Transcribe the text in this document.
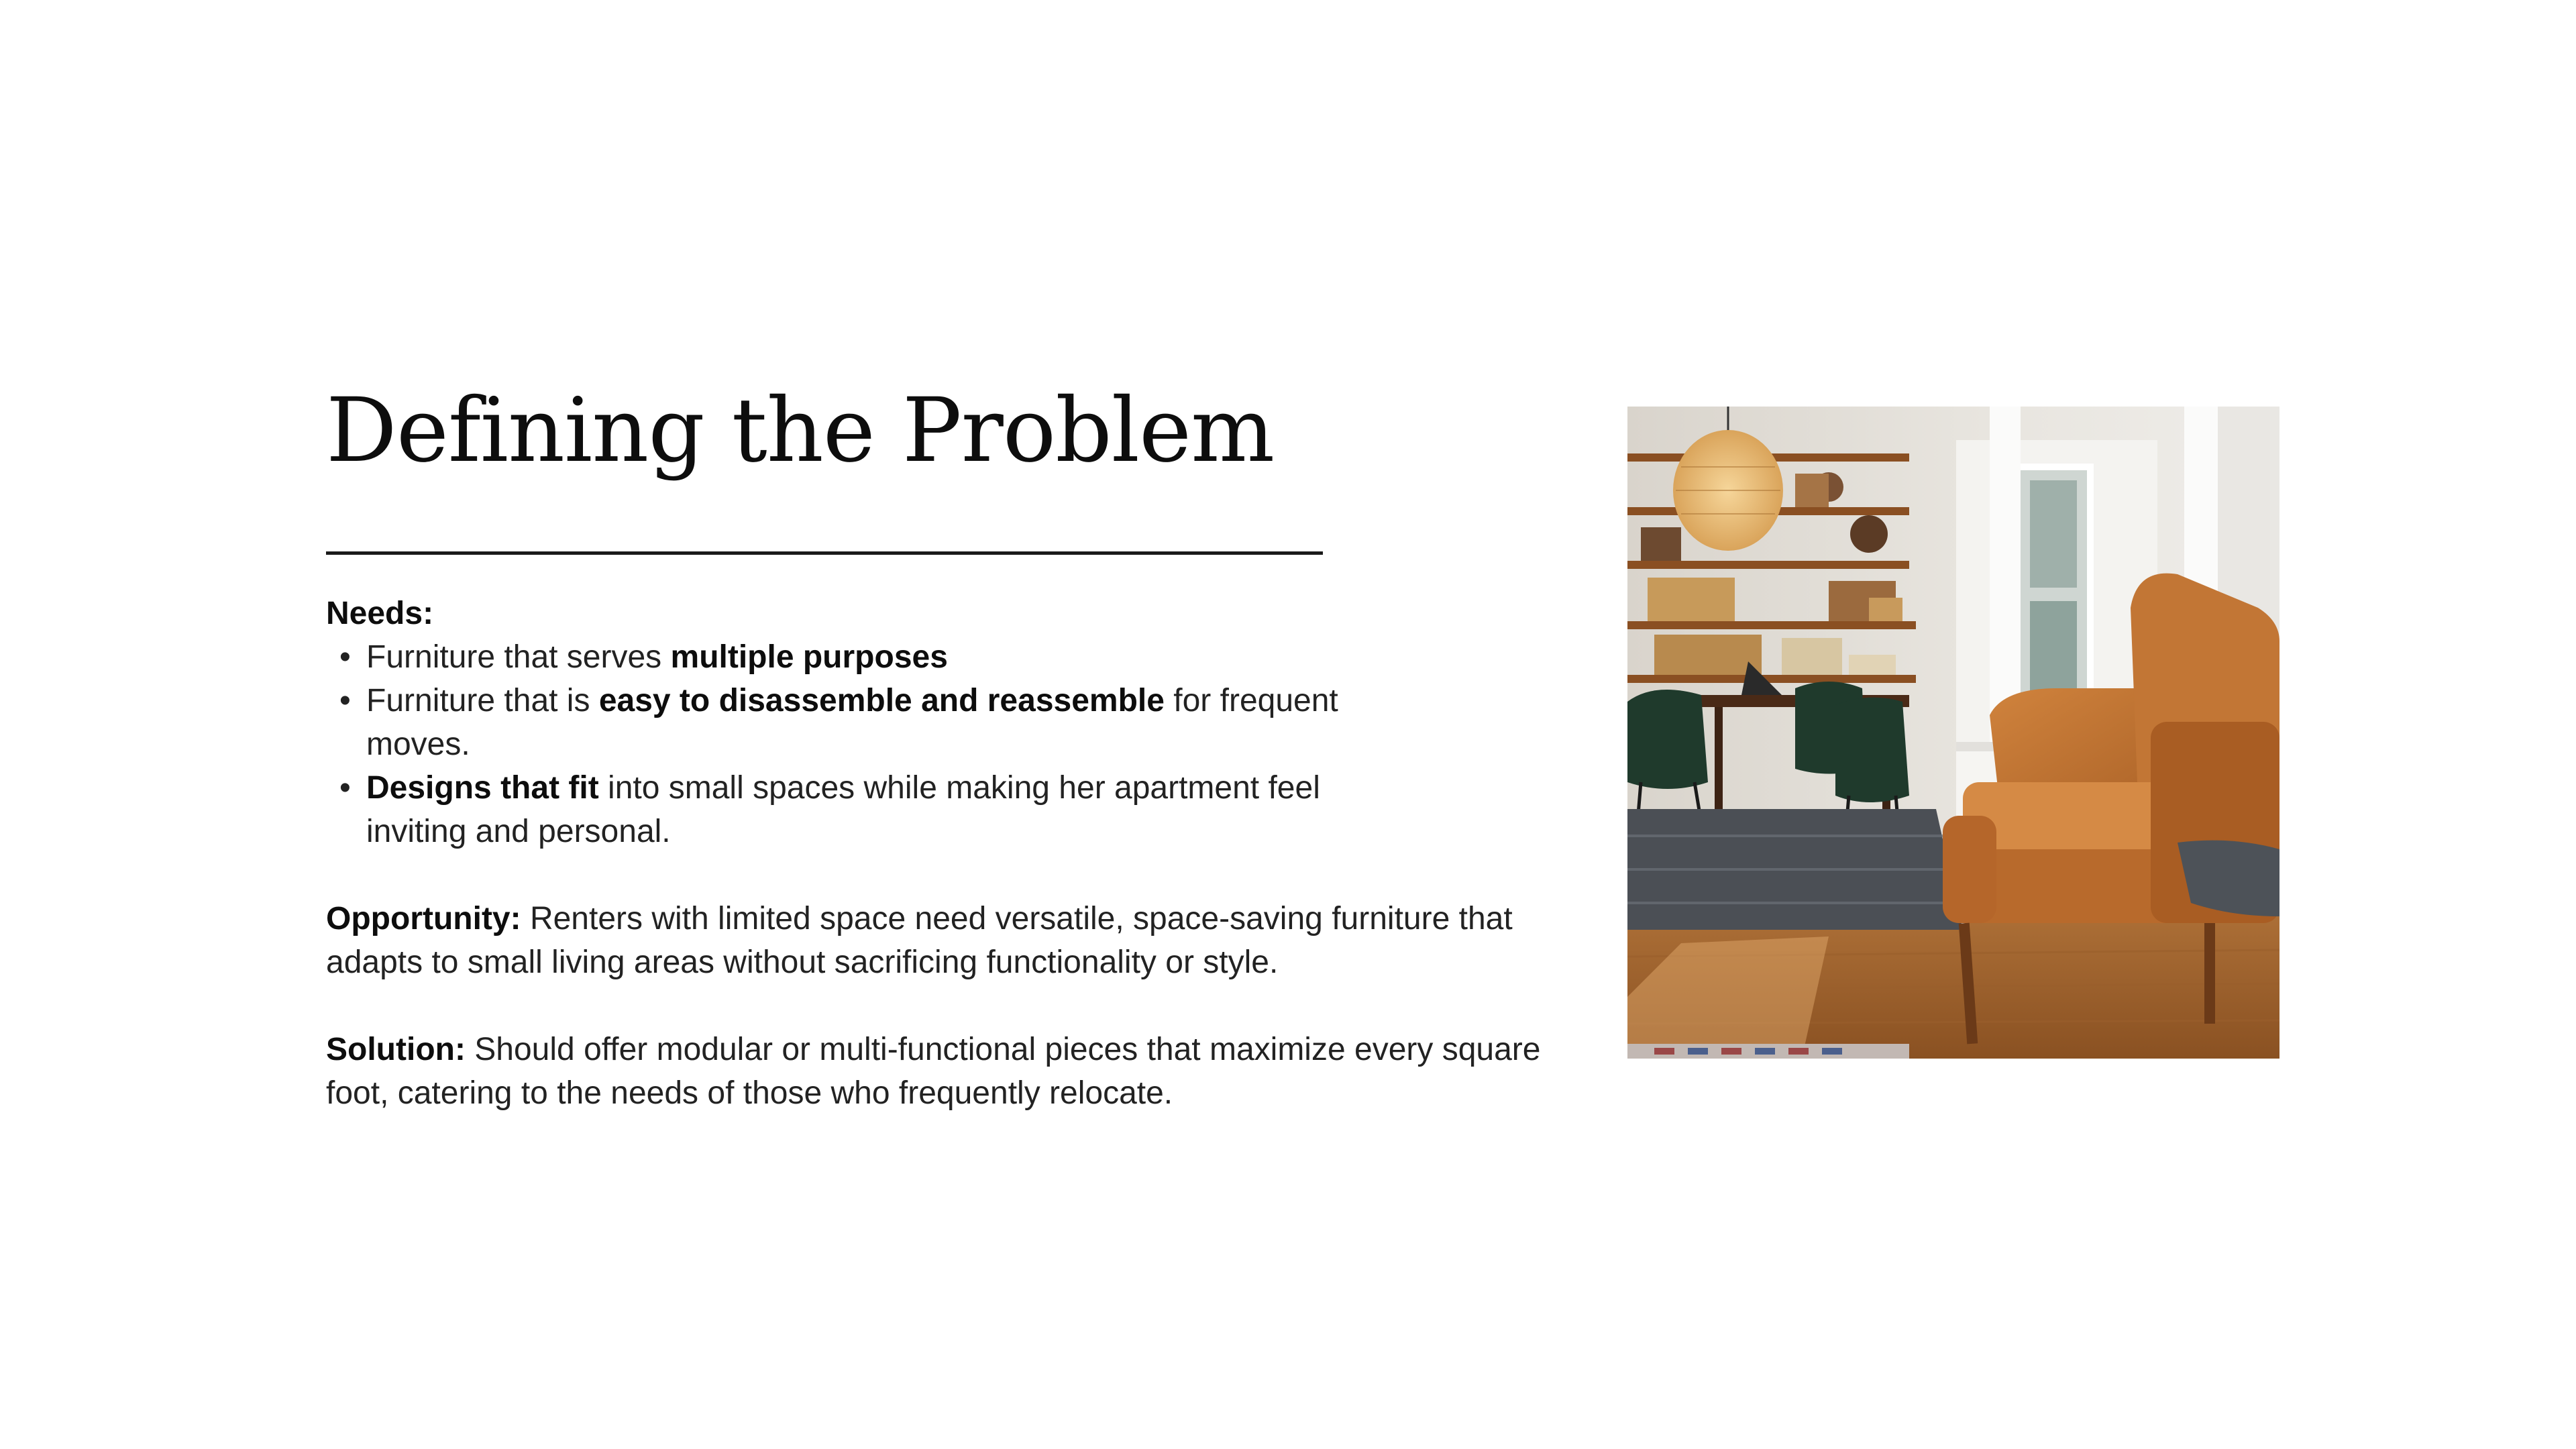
Defining the Problem
Needs:
• Furniture that serves multiple purposes
• Furniture that is easy to disassemble and reassemble for frequent moves.
• Designs that fit into small spaces while making her apartment feel inviting and personal.

Opportunity: Renters with limited space need versatile, space-saving furniture that adapts to small living areas without sacrificing functionality or style.

Solution: Should offer modular or multi-functional pieces that maximize every square foot, catering to the needs of those who frequently relocate.
